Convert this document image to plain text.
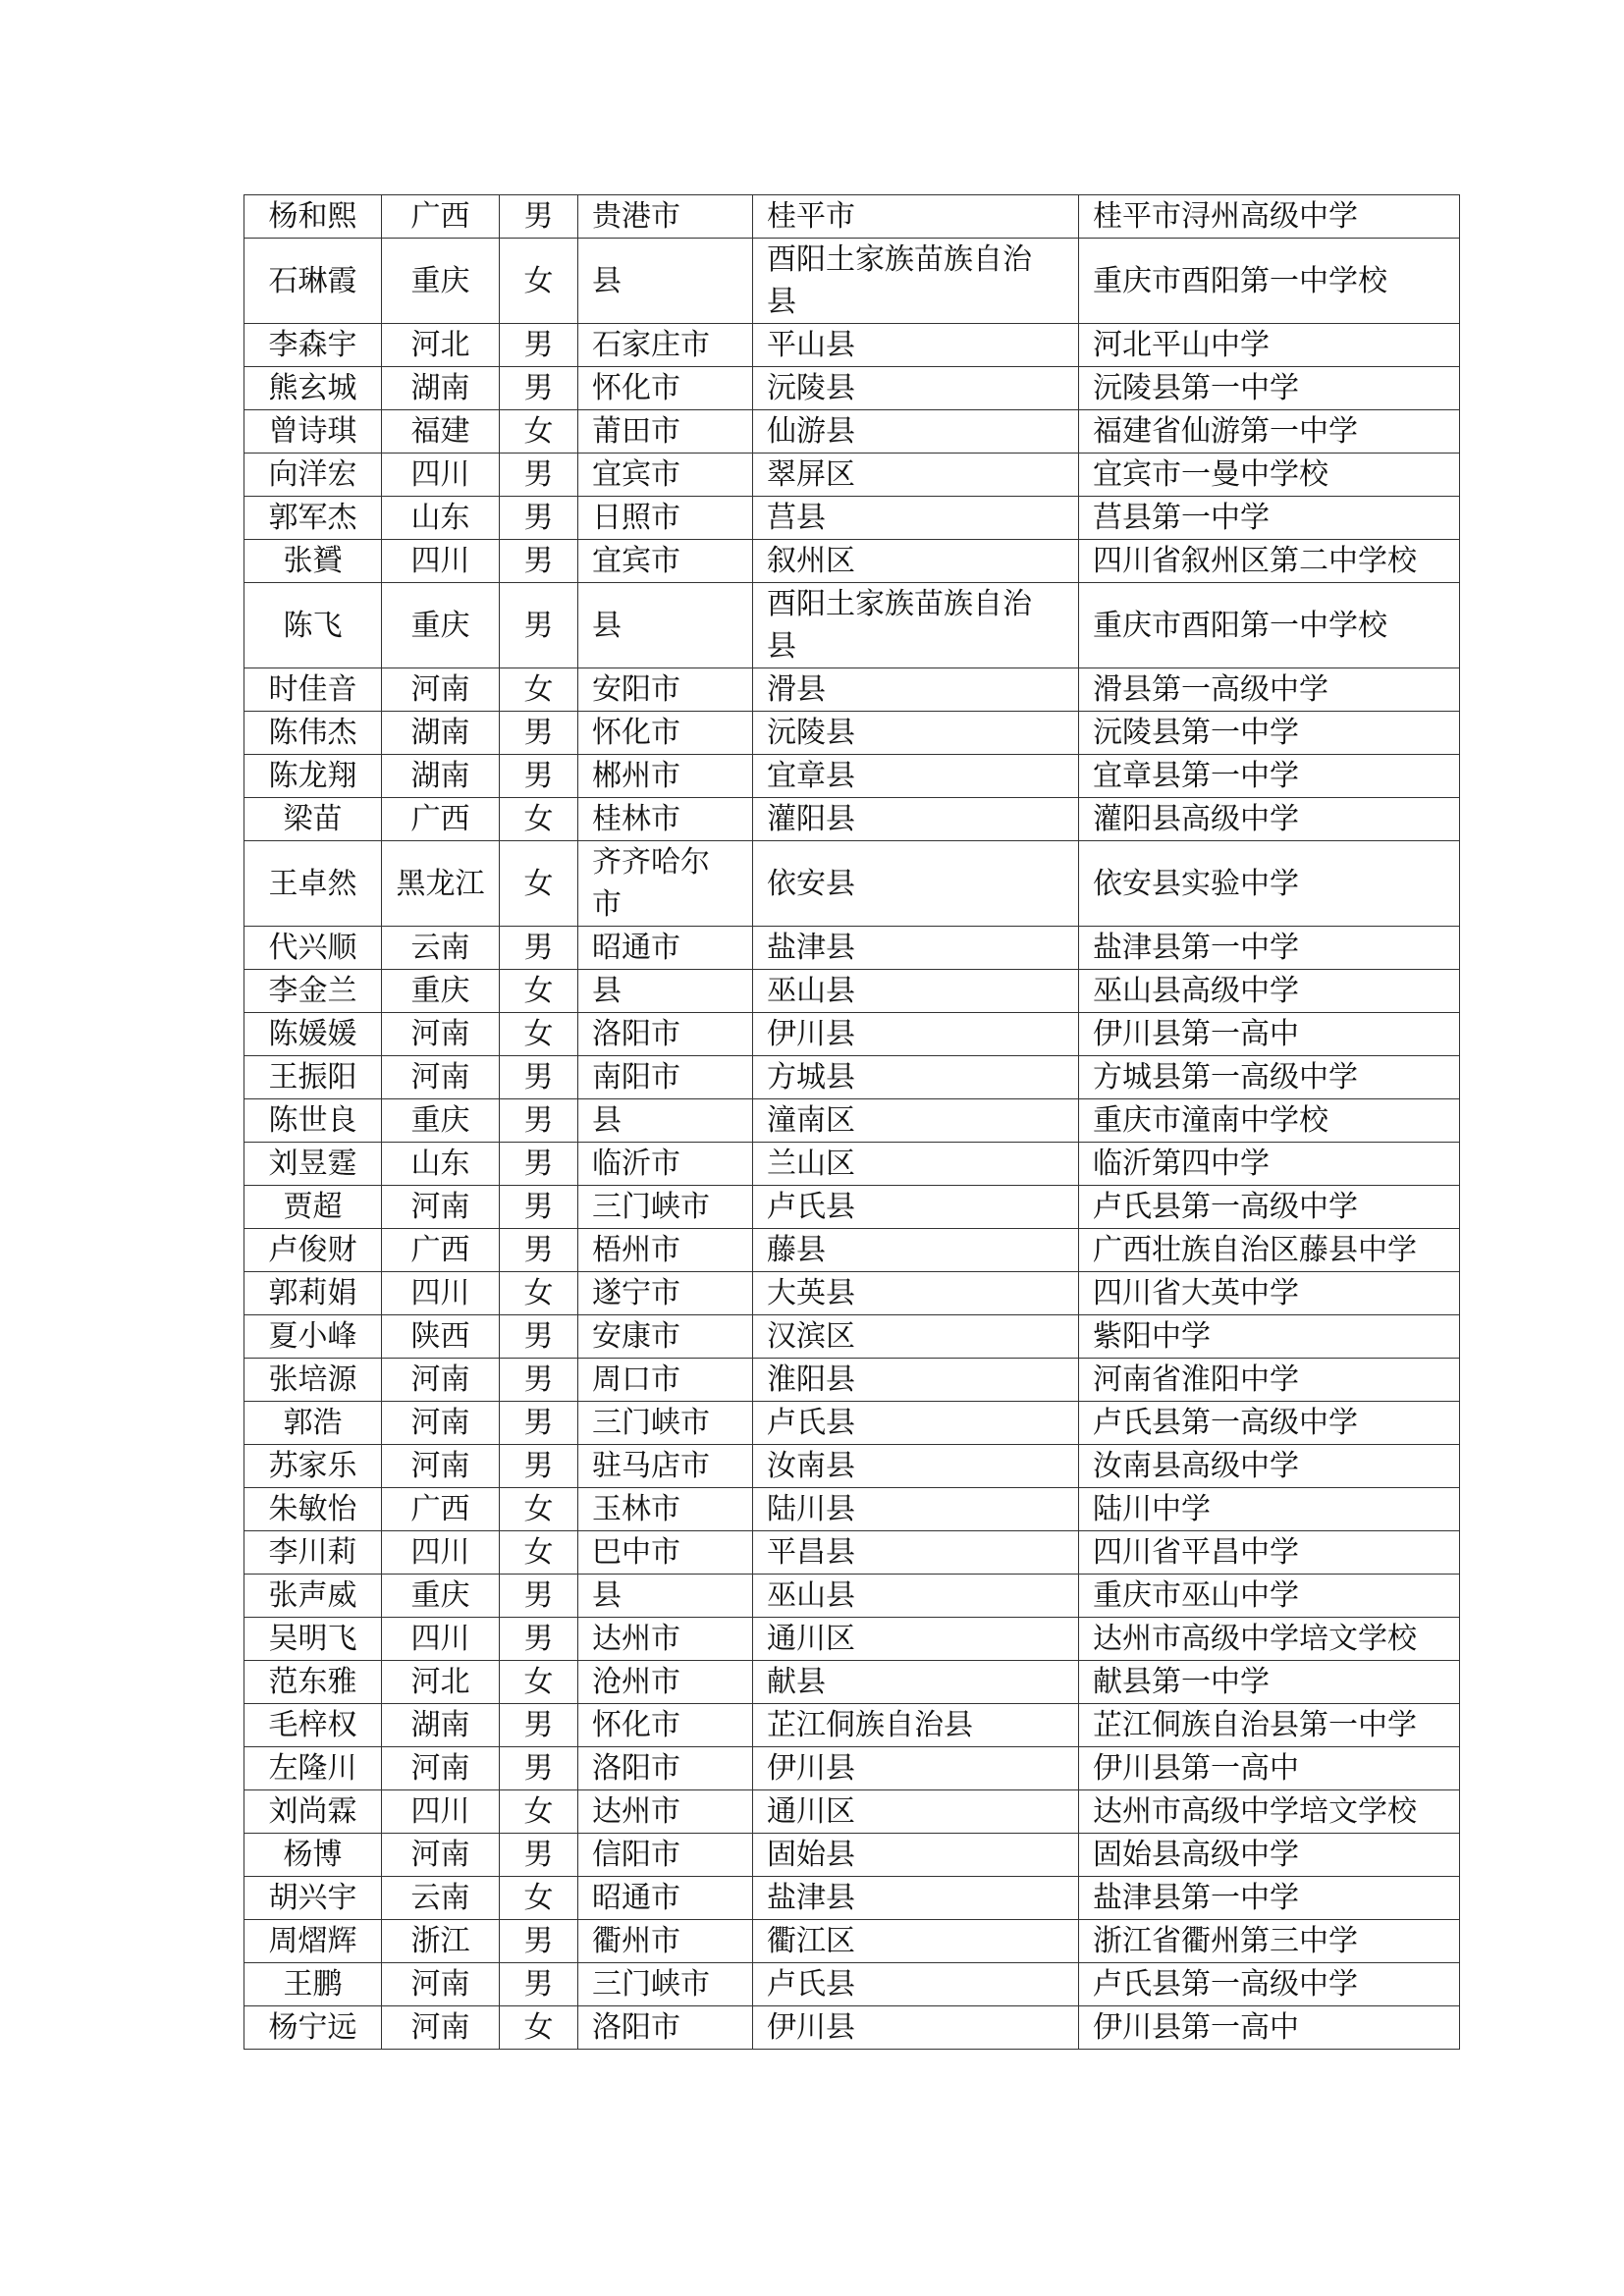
杨和熙	广西	男	贵港市	桂平市	桂平市浔州高级中学
石琳霞	重庆	女	县	酉阳土家族苗族自治县	重庆市酉阳第一中学校
李森宇	河北	男	石家庄市	平山县	河北平山中学
熊玄城	湖南	男	怀化市	沅陵县	沅陵县第一中学
曾诗琪	福建	女	莆田市	仙游县	福建省仙游第一中学
向洋宏	四川	男	宜宾市	翠屏区	宜宾市一曼中学校
郭军杰	山东	男	日照市	莒县	莒县第一中学
张贇	四川	男	宜宾市	叙州区	四川省叙州区第二中学校
陈飞	重庆	男	县	酉阳土家族苗族自治县	重庆市酉阳第一中学校
时佳音	河南	女	安阳市	滑县	滑县第一高级中学
陈伟杰	湖南	男	怀化市	沅陵县	沅陵县第一中学
陈龙翔	湖南	男	郴州市	宜章县	宜章县第一中学
梁苗	广西	女	桂林市	灌阳县	灌阳县高级中学
王卓然	黑龙江	女	齐齐哈尔市	依安县	依安县实验中学
代兴顺	云南	男	昭通市	盐津县	盐津县第一中学
李金兰	重庆	女	县	巫山县	巫山县高级中学
陈媛媛	河南	女	洛阳市	伊川县	伊川县第一高中
王振阳	河南	男	南阳市	方城县	方城县第一高级中学
陈世良	重庆	男	县	潼南区	重庆市潼南中学校
刘昱霆	山东	男	临沂市	兰山区	临沂第四中学
贾超	河南	男	三门峡市	卢氏县	卢氏县第一高级中学
卢俊财	广西	男	梧州市	藤县	广西壮族自治区藤县中学
郭莉娟	四川	女	遂宁市	大英县	四川省大英中学
夏小峰	陕西	男	安康市	汉滨区	紫阳中学
张培源	河南	男	周口市	淮阳县	河南省淮阳中学
郭浩	河南	男	三门峡市	卢氏县	卢氏县第一高级中学
苏家乐	河南	男	驻马店市	汝南县	汝南县高级中学
朱敏怡	广西	女	玉林市	陆川县	陆川中学
李川莉	四川	女	巴中市	平昌县	四川省平昌中学
张声威	重庆	男	县	巫山县	重庆市巫山中学
吴明飞	四川	男	达州市	通川区	达州市高级中学培文学校
范东雅	河北	女	沧州市	献县	献县第一中学
毛梓权	湖南	男	怀化市	芷江侗族自治县	芷江侗族自治县第一中学
左隆川	河南	男	洛阳市	伊川县	伊川县第一高中
刘尚霖	四川	女	达州市	通川区	达州市高级中学培文学校
杨博	河南	男	信阳市	固始县	固始县高级中学
胡兴宇	云南	女	昭通市	盐津县	盐津县第一中学
周熠辉	浙江	男	衢州市	衢江区	浙江省衢州第三中学
王鹏	河南	男	三门峡市	卢氏县	卢氏县第一高级中学
杨宁远	河南	女	洛阳市	伊川县	伊川县第一高中
